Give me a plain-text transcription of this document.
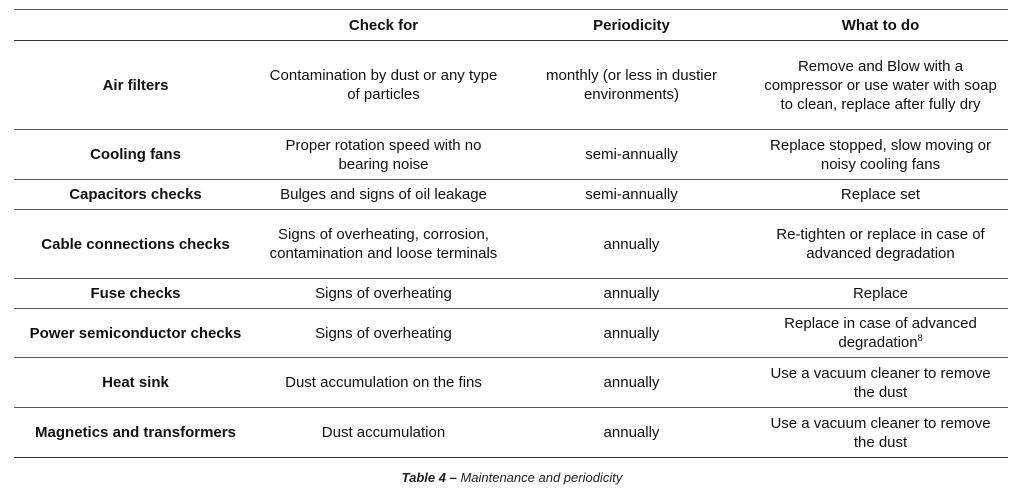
	Check for	Periodicity	What to do
Air filters	Contamination by dust or any type of particles	monthly (or less in dustier environments)	Remove and Blow with a compressor or use water with soap to clean, replace after fully dry
Cooling fans	Proper rotation speed with no bearing noise	semi-annually	Replace stopped, slow moving or noisy cooling fans
Capacitors checks	Bulges and signs of oil leakage	semi-annually	Replace set
Cable connections checks	Signs of overheating, corrosion, contamination and loose terminals	annually	Re-tighten or replace in case of advanced degradation
Fuse checks	Signs of overheating	annually	Replace
Power semiconductor checks	Signs of overheating	annually	Replace in case of advanced degradation$^8$
Heat sink	Dust accumulation on the fins	annually	Use a vacuum cleaner to remove the dust
Magnetics and transformers	Dust accumulation	annually	Use a vacuum cleaner to remove the dust
Table 4 – Maintenance and periodicity
